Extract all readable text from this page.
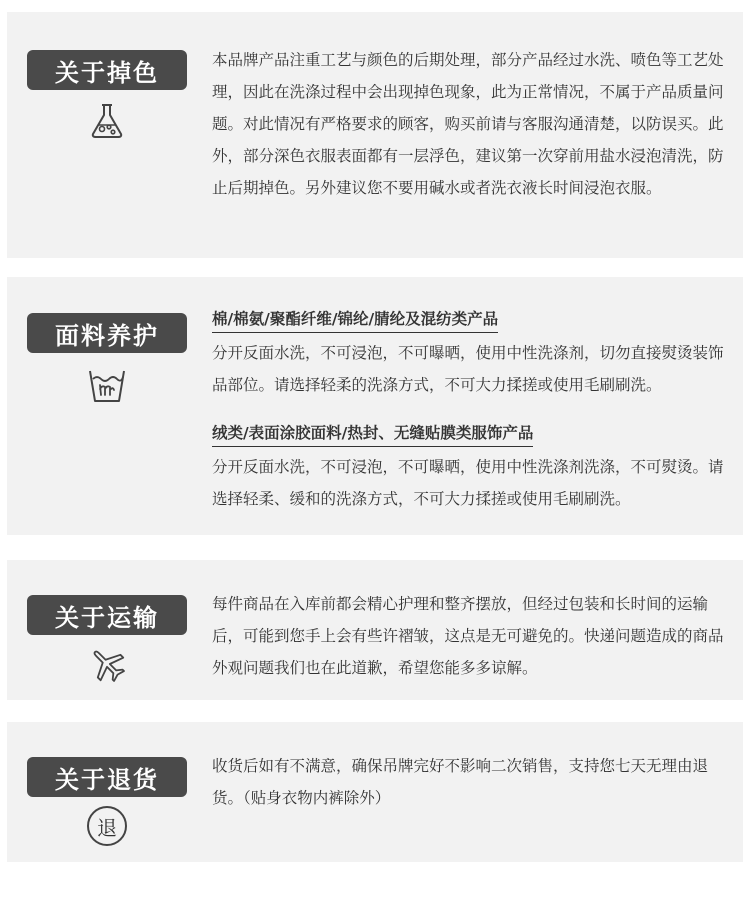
关于掉色	本品牌产品注重工艺与颜色的后期处理，部分产品经过水洗、喷色等工艺处理，因此在洗涤过程中会出现掉色现象，此为正常情况，不属于产品质量问题。对此情况有严格要求的顾客，购买前请与客服沟通清楚，以防误买。此外，部分深色衣服表面都有一层浮色，建议第一次穿前用盐水浸泡清洗，防止后期掉色。另外建议您不要用碱水或者洗衣液长时间浸泡衣服。

面料养护
棉/棉氨/聚酯纤维/锦纶/腈纶及混纺类产品

分开反面水洗，不可浸泡，不可曝晒，使用中性洗涤剂，切勿直接熨烫装饰品部位。请选择轻柔的洗涤方式，不可大力揉搓或使用毛刷刷洗。

绒类/表面涂胶面料/热封、无缝贴膜类服饰产品

分开反面水洗，不可浸泡，不可曝晒，使用中性洗涤剂洗涤，不可熨烫。请选择轻柔、缓和的洗涤方式，不可大力揉搓或使用毛刷刷洗。

关于运输	每件商品在入库前都会精心护理和整齐摆放，但经过包装和长时间的运输后，可能到您手上会有些许褶皱，这点是无可避免的。快递问题造成的商品外观问题我们也在此道歉，希望您能多多谅解。

关于退货
退

收货后如有不满意，确保吊牌完好不影响二次销售，支持您七天无理由退货。（贴身衣物内裤除外）
